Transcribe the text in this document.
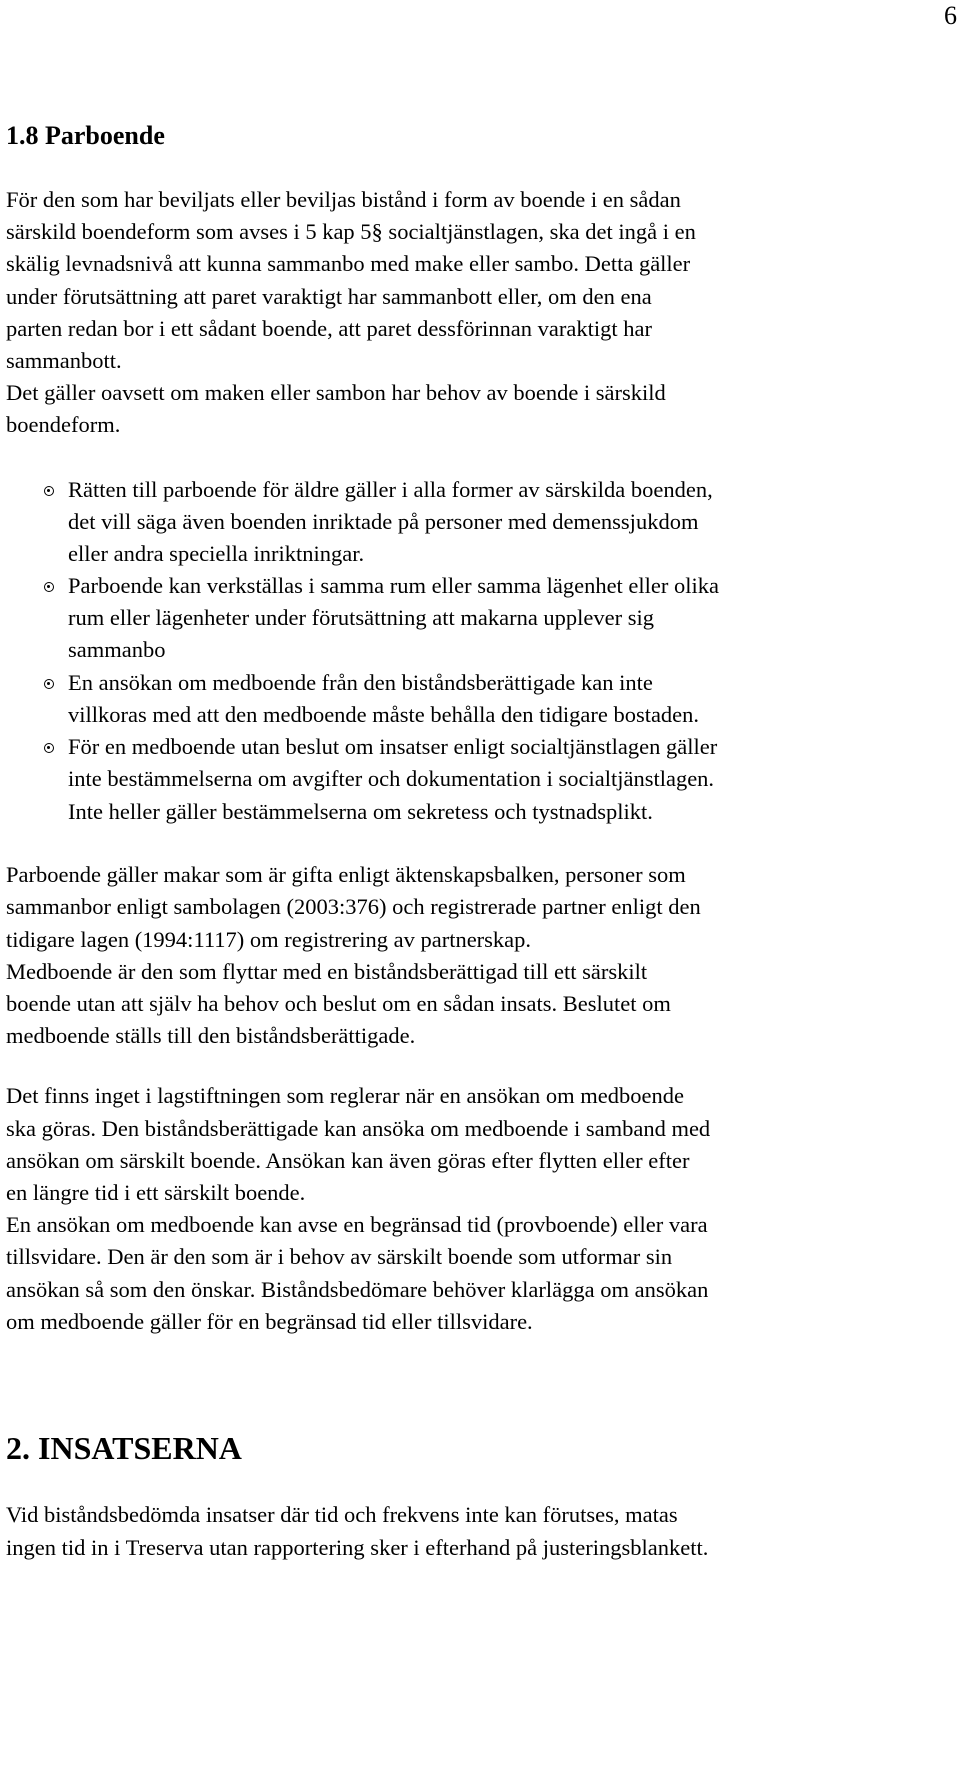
6
1.8 Parboende
För den som har beviljats eller beviljas bistånd i form av boende i en sådan
särskild boendeform som avses i 5 kap 5§ socialtjänstlagen, ska det ingå i en
skälig levnadsnivå att kunna sammanbo med make eller sambo. Detta gäller
under förutsättning att paret varaktigt har sammanbott eller, om den ena
parten redan bor i ett sådant boende, att paret dessförinnan varaktigt har
sammanbott.
Det gäller oavsett om maken eller sambon har behov av boende i särskild
boendeform.
Rätten till parboende för äldre gäller i alla former av särskilda boenden,
det vill säga även boenden inriktade på personer med demenssjukdom
eller andra speciella inriktningar.
Parboende kan verkställas i samma rum eller samma lägenhet eller olika
rum eller lägenheter under förutsättning att makarna upplever sig
sammanbo
En ansökan om medboende från den biståndsberättigade kan inte
villkoras med att den medboende måste behålla den tidigare bostaden.
För en medboende utan beslut om insatser enligt socialtjänstlagen gäller
inte bestämmelserna om avgifter och dokumentation i socialtjänstlagen.
Inte heller gäller bestämmelserna om sekretess och tystnadsplikt.
Parboende gäller makar som är gifta enligt äktenskapsbalken, personer som
sammanbor enligt sambolagen (2003:376) och registrerade partner enligt den
tidigare lagen (1994:1117) om registrering av partnerskap.
Medboende är den som flyttar med en biståndsberättigad till ett särskilt
boende utan att själv ha behov och beslut om en sådan insats. Beslutet om
medboende ställs till den biståndsberättigade.
Det finns inget i lagstiftningen som reglerar när en ansökan om medboende
ska göras. Den biståndsberättigade kan ansöka om medboende i samband med
ansökan om särskilt boende. Ansökan kan även göras efter flytten eller efter
en längre tid i ett särskilt boende.
En ansökan om medboende kan avse en begränsad tid (provboende) eller vara
tillsvidare. Den är den som är i behov av särskilt boende som utformar sin
ansökan så som den önskar. Biståndsbedömare behöver klarlägga om ansökan
om medboende gäller för en begränsad tid eller tillsvidare.
2. INSATSERNA
Vid biståndsbedömda insatser där tid och frekvens inte kan förutses, matas
ingen tid in i Treserva utan rapportering sker i efterhand på justeringsblankett.
